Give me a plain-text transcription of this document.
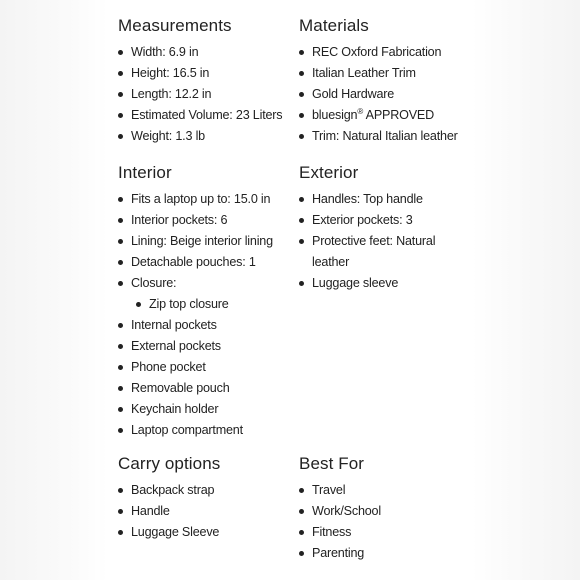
Measurements
Width: 6.9 in
Height: 16.5 in
Length: 12.2 in
Estimated Volume: 23 Liters
Weight: 1.3 lb
Materials
REC Oxford Fabrication
Italian Leather Trim
Gold Hardware
bluesign® APPROVED
Trim: Natural Italian leather
Interior
Fits a laptop up to: 15.0 in
Interior pockets: 6
Lining: Beige interior lining
Detachable pouches: 1
Closure:
Zip top closure
Internal pockets
External pockets
Phone pocket
Removable pouch
Keychain holder
Laptop compartment
Exterior
Handles: Top handle
Exterior pockets: 3
Protective feet: Natural
leather
Luggage sleeve
Carry options
Backpack strap
Handle
Luggage Sleeve
Best For
Travel
Work/School
Fitness
Parenting
